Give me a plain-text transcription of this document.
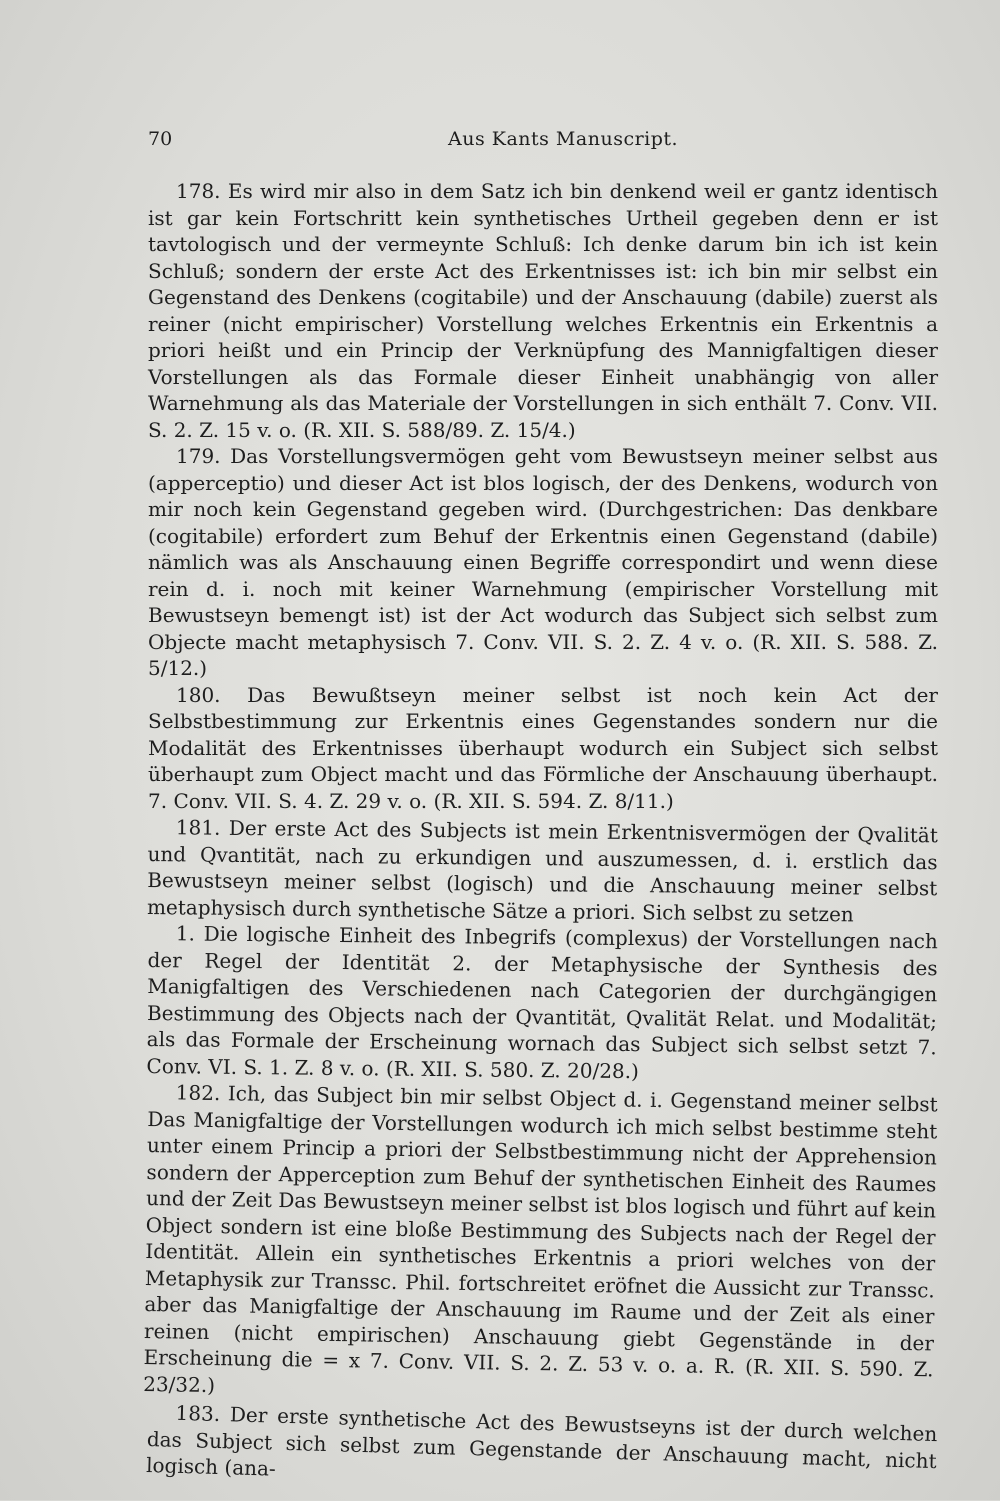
70	Aus Kants Manuscript.

178. Es wird mir also in dem Satz ich bin denkend weil er gantz identisch ist gar kein Fortschritt kein synthetisches Urtheil gegeben denn er ist tavtologisch und der vermeynte Schluß: Ich denke darum bin ich ist kein Schluß; sondern der erste Act des Erkentnisses ist: ich bin mir selbst ein Gegenstand des Denkens (cogitabile) und der Anschauung (dabile) zuerst als reiner (nicht empirischer) Vorstellung welches Erkentnis ein Erkentnis a priori heißt und ein Princip der Verknüpfung des Mannigfaltigen dieser Vorstellungen als das Formale dieser Einheit unabhängig von aller Warnehmung als das Materiale der Vorstellungen in sich enthält 7. Conv. VII. S. 2. Z. 15 v. o. (R. XII. S. 588/89. Z. 15/4.)

179. Das Vorstellungsvermögen geht vom Bewustseyn meiner selbst aus (apperceptio) und dieser Act ist blos logisch, der des Denkens, wodurch von mir noch kein Gegenstand gegeben wird. (Durchgestrichen: Das denkbare (cogitabile) erfordert zum Behuf der Erkentnis einen Gegenstand (dabile) nämlich was als Anschauung einen Begriffe correspondirt und wenn diese rein d. i. noch mit keiner Warnehmung (empirischer Vorstellung mit Bewustseyn bemengt ist) ist der Act wodurch das Subject sich selbst zum Objecte macht metaphysisch 7. Conv. VII. S. 2. Z. 4 v. o. (R. XII. S. 588. Z. 5/12.)

180. Das Bewußtseyn meiner selbst ist noch kein Act der Selbstbestimmung zur Erkentnis eines Gegenstandes sondern nur die Modalität des Erkentnisses überhaupt wodurch ein Subject sich selbst überhaupt zum Object macht und das Förmliche der Anschauung überhaupt. 7. Conv. VII. S. 4. Z. 29 v. o. (R. XII. S. 594. Z. 8/11.)

181. Der erste Act des Subjects ist mein Erkentnisvermögen der Qvalität und Qvantität, nach zu erkundigen und auszumessen, d. i. erstlich das Bewustseyn meiner selbst (logisch) und die Anschauung meiner selbst metaphysisch durch synthetische Sätze a priori. Sich selbst zu setzen

1. Die logische Einheit des Inbegrifs (complexus) der Vorstellungen nach der Regel der Identität 2. der Metaphysische der Synthesis des Manigfaltigen des Verschiedenen nach Categorien der durchgängigen Bestimmung des Objects nach der Qvantität, Qvalität Relat. und Modalität; als das Formale der Erscheinung wornach das Subject sich selbst setzt 7. Conv. VI. S. 1. Z. 8 v. o. (R. XII. S. 580. Z. 20/28.)

182. Ich, das Subject bin mir selbst Object d. i. Gegenstand meiner selbst Das Manigfaltige der Vorstellungen wodurch ich mich selbst bestimme steht unter einem Princip a priori der Selbstbestimmung nicht der Apprehension sondern der Apperception zum Behuf der synthetischen Einheit des Raumes und der Zeit Das Bewustseyn meiner selbst ist blos logisch und führt auf kein Object sondern ist eine bloße Bestimmung des Subjects nach der Regel der Identität. Allein ein synthetisches Erkentnis a priori welches von der Metaphysik zur Transsc. Phil. fortschreitet eröfnet die Aussicht zur Transsc. aber das Manigfaltige der Anschauung im Raume und der Zeit als einer reinen (nicht empirischen) Anschauung giebt Gegenstände in der Erscheinung die = x 7. Conv. VII. S. 2. Z. 53 v. o. a. R. (R. XII. S. 590. Z. 23/32.)

183. Der erste synthetische Act des Bewustseyns ist der durch welchen das Subject sich selbst zum Gegenstande der Anschauung macht, nicht logisch (ana-
